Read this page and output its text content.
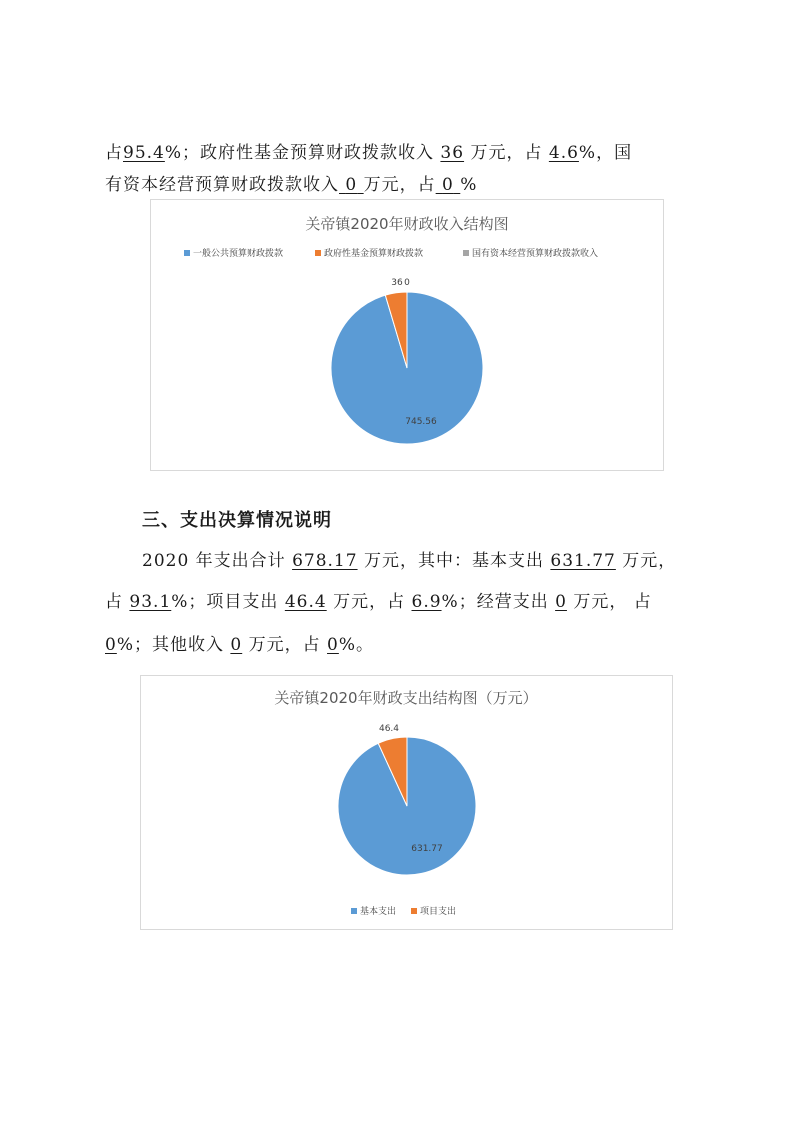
占95.4%；政府性基金预算财政拨款收入 36 万元，占 4.6%，国
有资本经营预算财政拨款收入 0 万元，占 0 %
关帝镇2020年财政收入结构图
一般公共预算财政拨款	政府性基金预算财政拨款	国有资本经营预算财政拨款收入
745.56
36 0
三、支出决算情况说明
2020 年支出合计 678.17 万元，其中：基本支出 631.77 万元，
占 93.1%；项目支出 46.4 万元，占 6.9%；经营支出 0 万元， 占
0%；其他收入 0 万元，占 0%。
关帝镇2020年财政支出结构图（万元）
631.77
46.4
基本支出	项目支出
